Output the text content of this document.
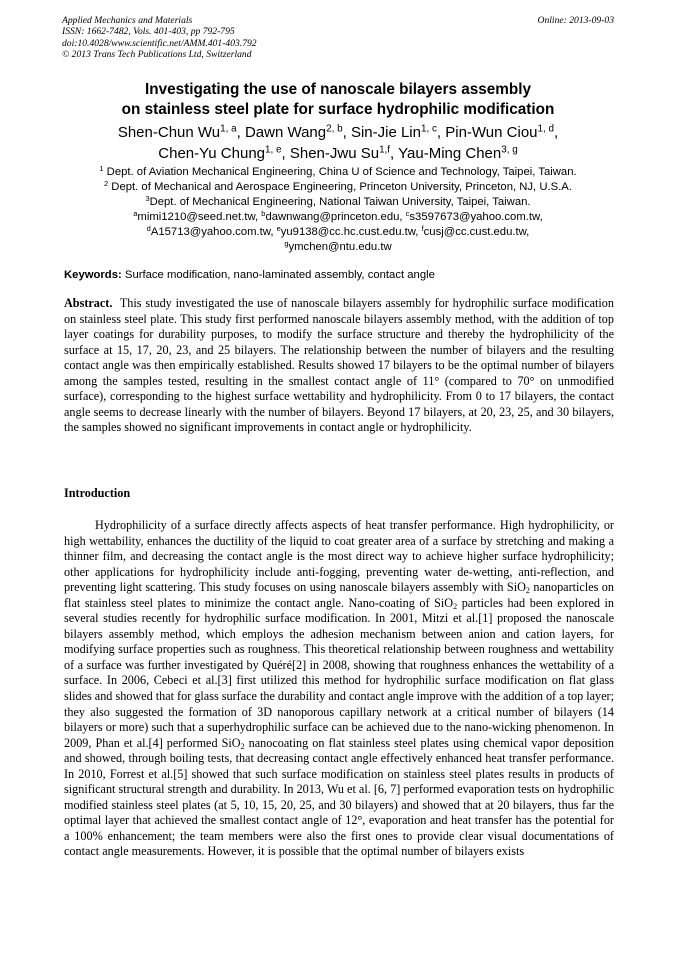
Applied Mechanics and Materials
ISSN: 1662-7482, Vols. 401-403, pp 792-795
doi:10.4028/www.scientific.net/AMM.401-403.792
© 2013 Trans Tech Publications Ltd, Switzerland
Online: 2013-09-03
Investigating the use of nanoscale bilayers assembly
on stainless steel plate for surface hydrophilic modification
Shen-Chun Wu$^{1, a}$, Dawn Wang$^{2, b}$, Sin-Jie Lin$^{1, c}$, Pin-Wun Ciou$^{1, d}$,
Chen-Yu Chung$^{1, e}$, Shen-Jwu Su$^{1,f}$, Yau-Ming Chen$^{3, g}$
$^1$ Dept. of Aviation Mechanical Engineering, China U of Science and Technology, Taipei, Taiwan.
$^2$ Dept. of Mechanical and Aerospace Engineering, Princeton University, Princeton, NJ, U.S.A.
$^3$Dept. of Mechanical Engineering, National Taiwan University, Taipei, Taiwan.
$^a$mimi1210@seed.net.tw, $^b$dawnwang@princeton.edu, $^c$s3597673@yahoo.com.tw,
$^d$A15713@yahoo.com.tw, $^e$yu9138@cc.hc.cust.edu.tw, $^f$cusj@cc.cust.edu.tw,
$^g$ymchen@ntu.edu.tw
Keywords: Surface modification, nano-laminated assembly, contact angle
Abstract. This study investigated the use of nanoscale bilayers assembly for hydrophilic surface modification on stainless steel plate. This study first performed nanoscale bilayers assembly method, with the addition of top layer coatings for durability purposes, to modify the surface structure and thereby the hydrophilicity of the surface at 15, 17, 20, 23, and 25 bilayers. The relationship between the number of bilayers and the resulting contact angle was then empirically established. Results showed 17 bilayers to be the optimal number of bilayers among the samples tested, resulting in the smallest contact angle of 11° (compared to 70° on unmodified surface), corresponding to the highest surface wettability and hydrophilicity. From 0 to 17 bilayers, the contact angle seems to decrease linearly with the number of bilayers. Beyond 17 bilayers, at 20, 23, 25, and 30 bilayers, the samples showed no significant improvements in contact angle or hydrophilicity.
Introduction
Hydrophilicity of a surface directly affects aspects of heat transfer performance. High hydrophilicity, or high wettability, enhances the ductility of the liquid to coat greater area of a surface by stretching and making a thinner film, and decreasing the contact angle is the most direct way to achieve higher surface hydrophilicity; other applications for hydrophilicity include anti-fogging, preventing water de-wetting, anti-reflection, and preventing light scattering. This study focuses on using nanoscale bilayers assembly with SiO$_2$ nanoparticles on flat stainless steel plates to minimize the contact angle. Nano-coating of SiO$_2$ particles had been explored in several studies recently for hydrophilic surface modification. In 2001, Mitzi et al.[1] proposed the nanoscale bilayers assembly method, which employs the adhesion mechanism between anion and cation layers, for modifying surface properties such as roughness. This theoretical relationship between roughness and wettability of a surface was further investigated by Quéré[2] in 2008, showing that roughness enhances the wettability of a surface. In 2006, Cebeci et al.[3] first utilized this method for hydrophilic surface modification on flat glass slides and showed that for glass surface the durability and contact angle improve with the addition of a top layer; they also suggested the formation of 3D nanoporous capillary network at a critical number of bilayers (14 bilayers or more) such that a superhydrophilic surface can be achieved due to the nano-wicking phenomenon. In 2009, Phan et al.[4] performed SiO$_2$ nanocoating on flat stainless steel plates using chemical vapor deposition and showed, through boiling tests, that decreasing contact angle effectively enhanced heat transfer performance. In 2010, Forrest et al.[5] showed that such surface modification on stainless steel plates results in products of significant structural strength and durability. In 2013, Wu et al. [6, 7] performed evaporation tests on hydrophilic modified stainless steel plates (at 5, 10, 15, 20, 25, and 30 bilayers) and showed that at 20 bilayers, thus far the optimal layer that achieved the smallest contact angle of 12°, evaporation and heat transfer has the potential for a 100% enhancement; the team members were also the first ones to provide clear visual documentations of contact angle measurements. However, it is possible that the optimal number of bilayers exists
